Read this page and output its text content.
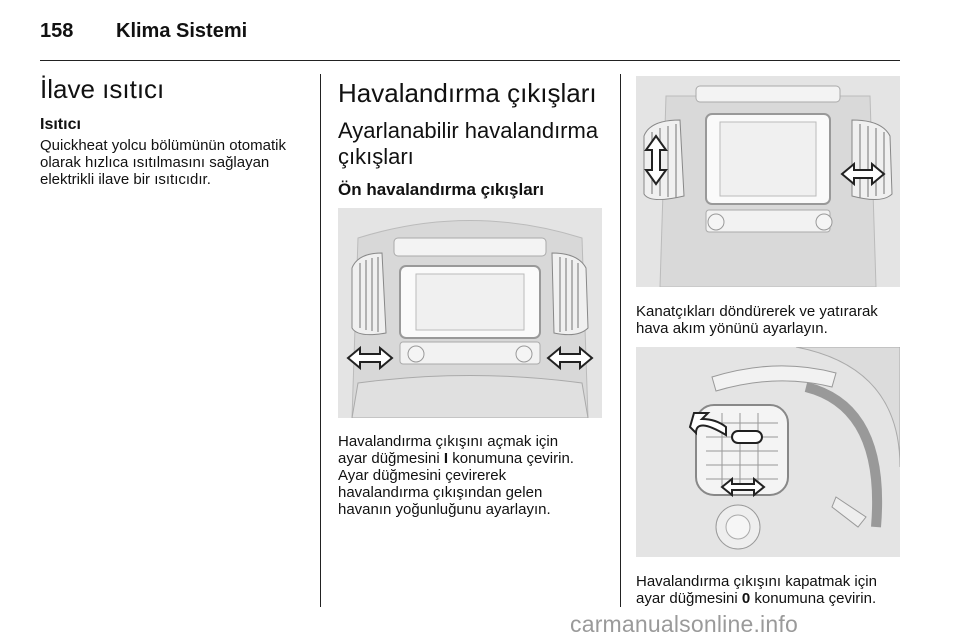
158 Klima Sistemi
İlave ısıtıcı
Isıtıcı
Quickheat yolcu bölümünün otomatik
olarak hızlıca ısıtılmasını sağlayan
elektrikli ilave bir ısıtıcıdır.
Havalandırma çıkışları
Ayarlanabilir havalandırma
çıkışları
Ön havalandırma çıkışları
Havalandırma çıkışını açmak için
ayar düğmesini I konumuna çevirin.
Ayar düğmesini çevirerek
havalandırma çıkışından gelen
havanın yoğunluğunu ayarlayın.
Kanatçıkları döndürerek ve yatırarak
hava akım yönünü ayarlayın.
Havalandırma çıkışını kapatmak için
ayar düğmesini 0 konumuna çevirin.
carmanualsonline.info
